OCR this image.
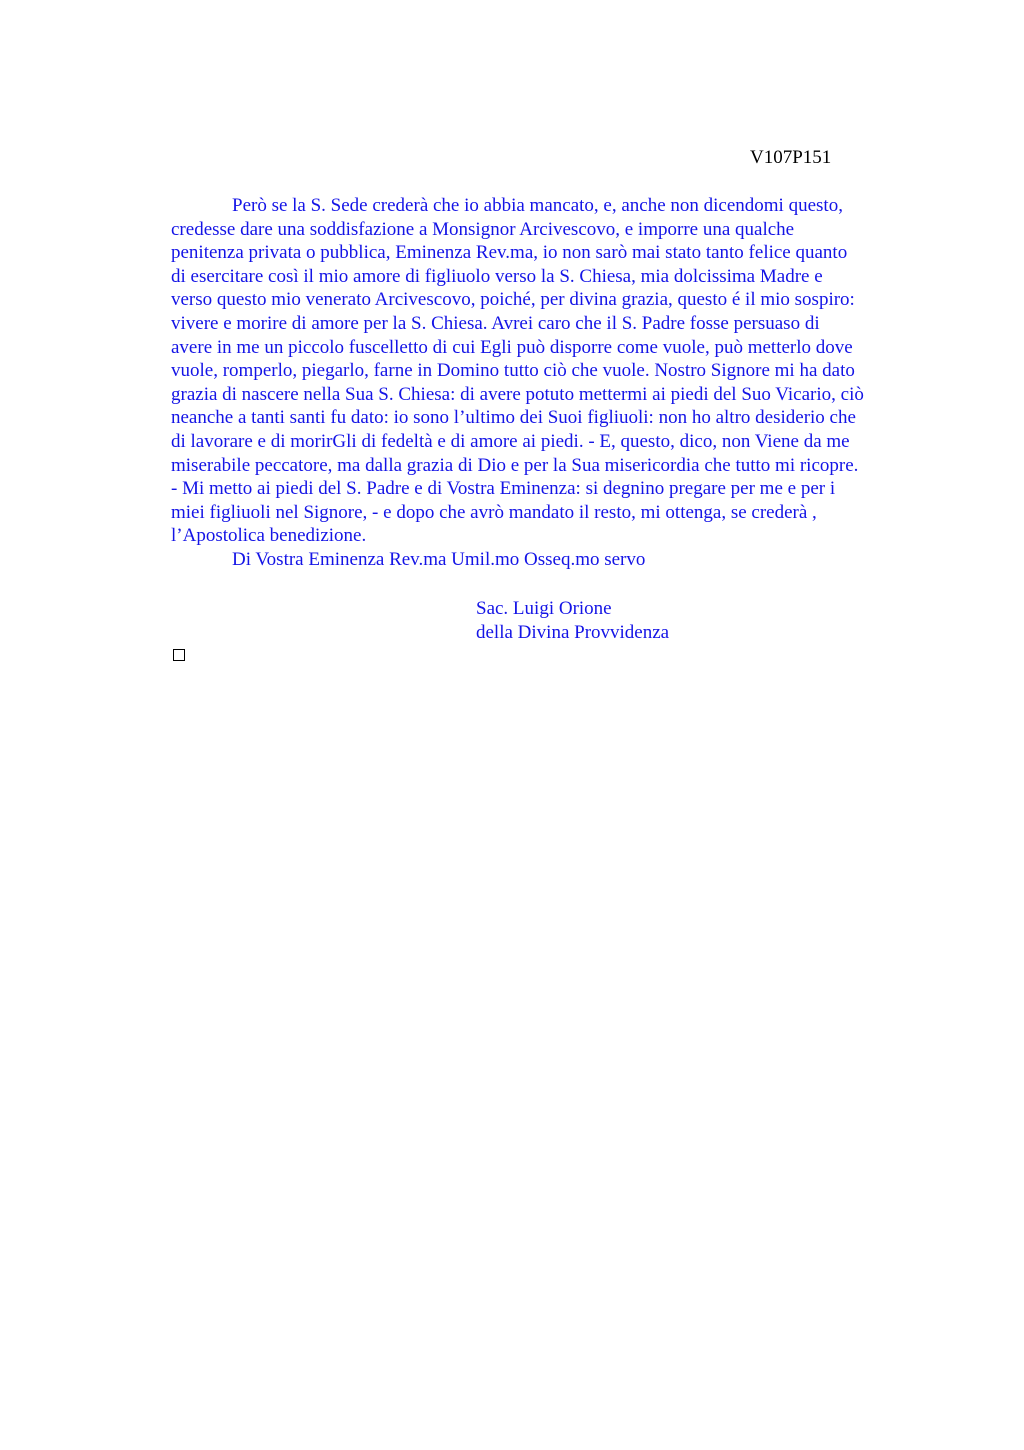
V107P151
Però se la S. Sede crederà che io abbia mancato, e, anche non dicendomi questo,
credesse dare una soddisfazione a Monsignor Arcivescovo, e imporre una qualche
penitenza privata o pubblica, Eminenza Rev.ma, io non sarò mai stato tanto felice quanto
di esercitare così il mio amore di figliuolo verso la S. Chiesa, mia dolcissima Madre e
verso questo mio venerato Arcivescovo, poiché, per divina grazia, questo é il mio sospiro:
vivere e morire di amore per la S. Chiesa. Avrei caro che il S. Padre fosse persuaso di
avere in me un piccolo fuscelletto di cui Egli può disporre come vuole, può metterlo dove
vuole, romperlo, piegarlo, farne in Domino tutto ciò che vuole. Nostro Signore mi ha dato
grazia di nascere nella Sua S. Chiesa: di avere potuto mettermi ai piedi del Suo Vicario, ciò
neanche a tanti santi fu dato: io sono l’ultimo dei Suoi figliuoli: non ho altro desiderio che
di lavorare e di morirGli di fedeltà e di amore ai piedi. - E, questo, dico, non Viene da me
miserabile peccatore, ma dalla grazia di Dio e per la Sua misericordia che tutto mi ricopre.
- Mi metto ai piedi del S. Padre e di Vostra Eminenza: si degnino pregare per me e per i
miei figliuoli nel Signore, - e dopo che avrò mandato il resto, mi ottenga, se crederà ,
l’Apostolica benedizione.
Di Vostra Eminenza Rev.ma Umil.mo Osseq.mo servo
Sac. Luigi Orione
della Divina Provvidenza
